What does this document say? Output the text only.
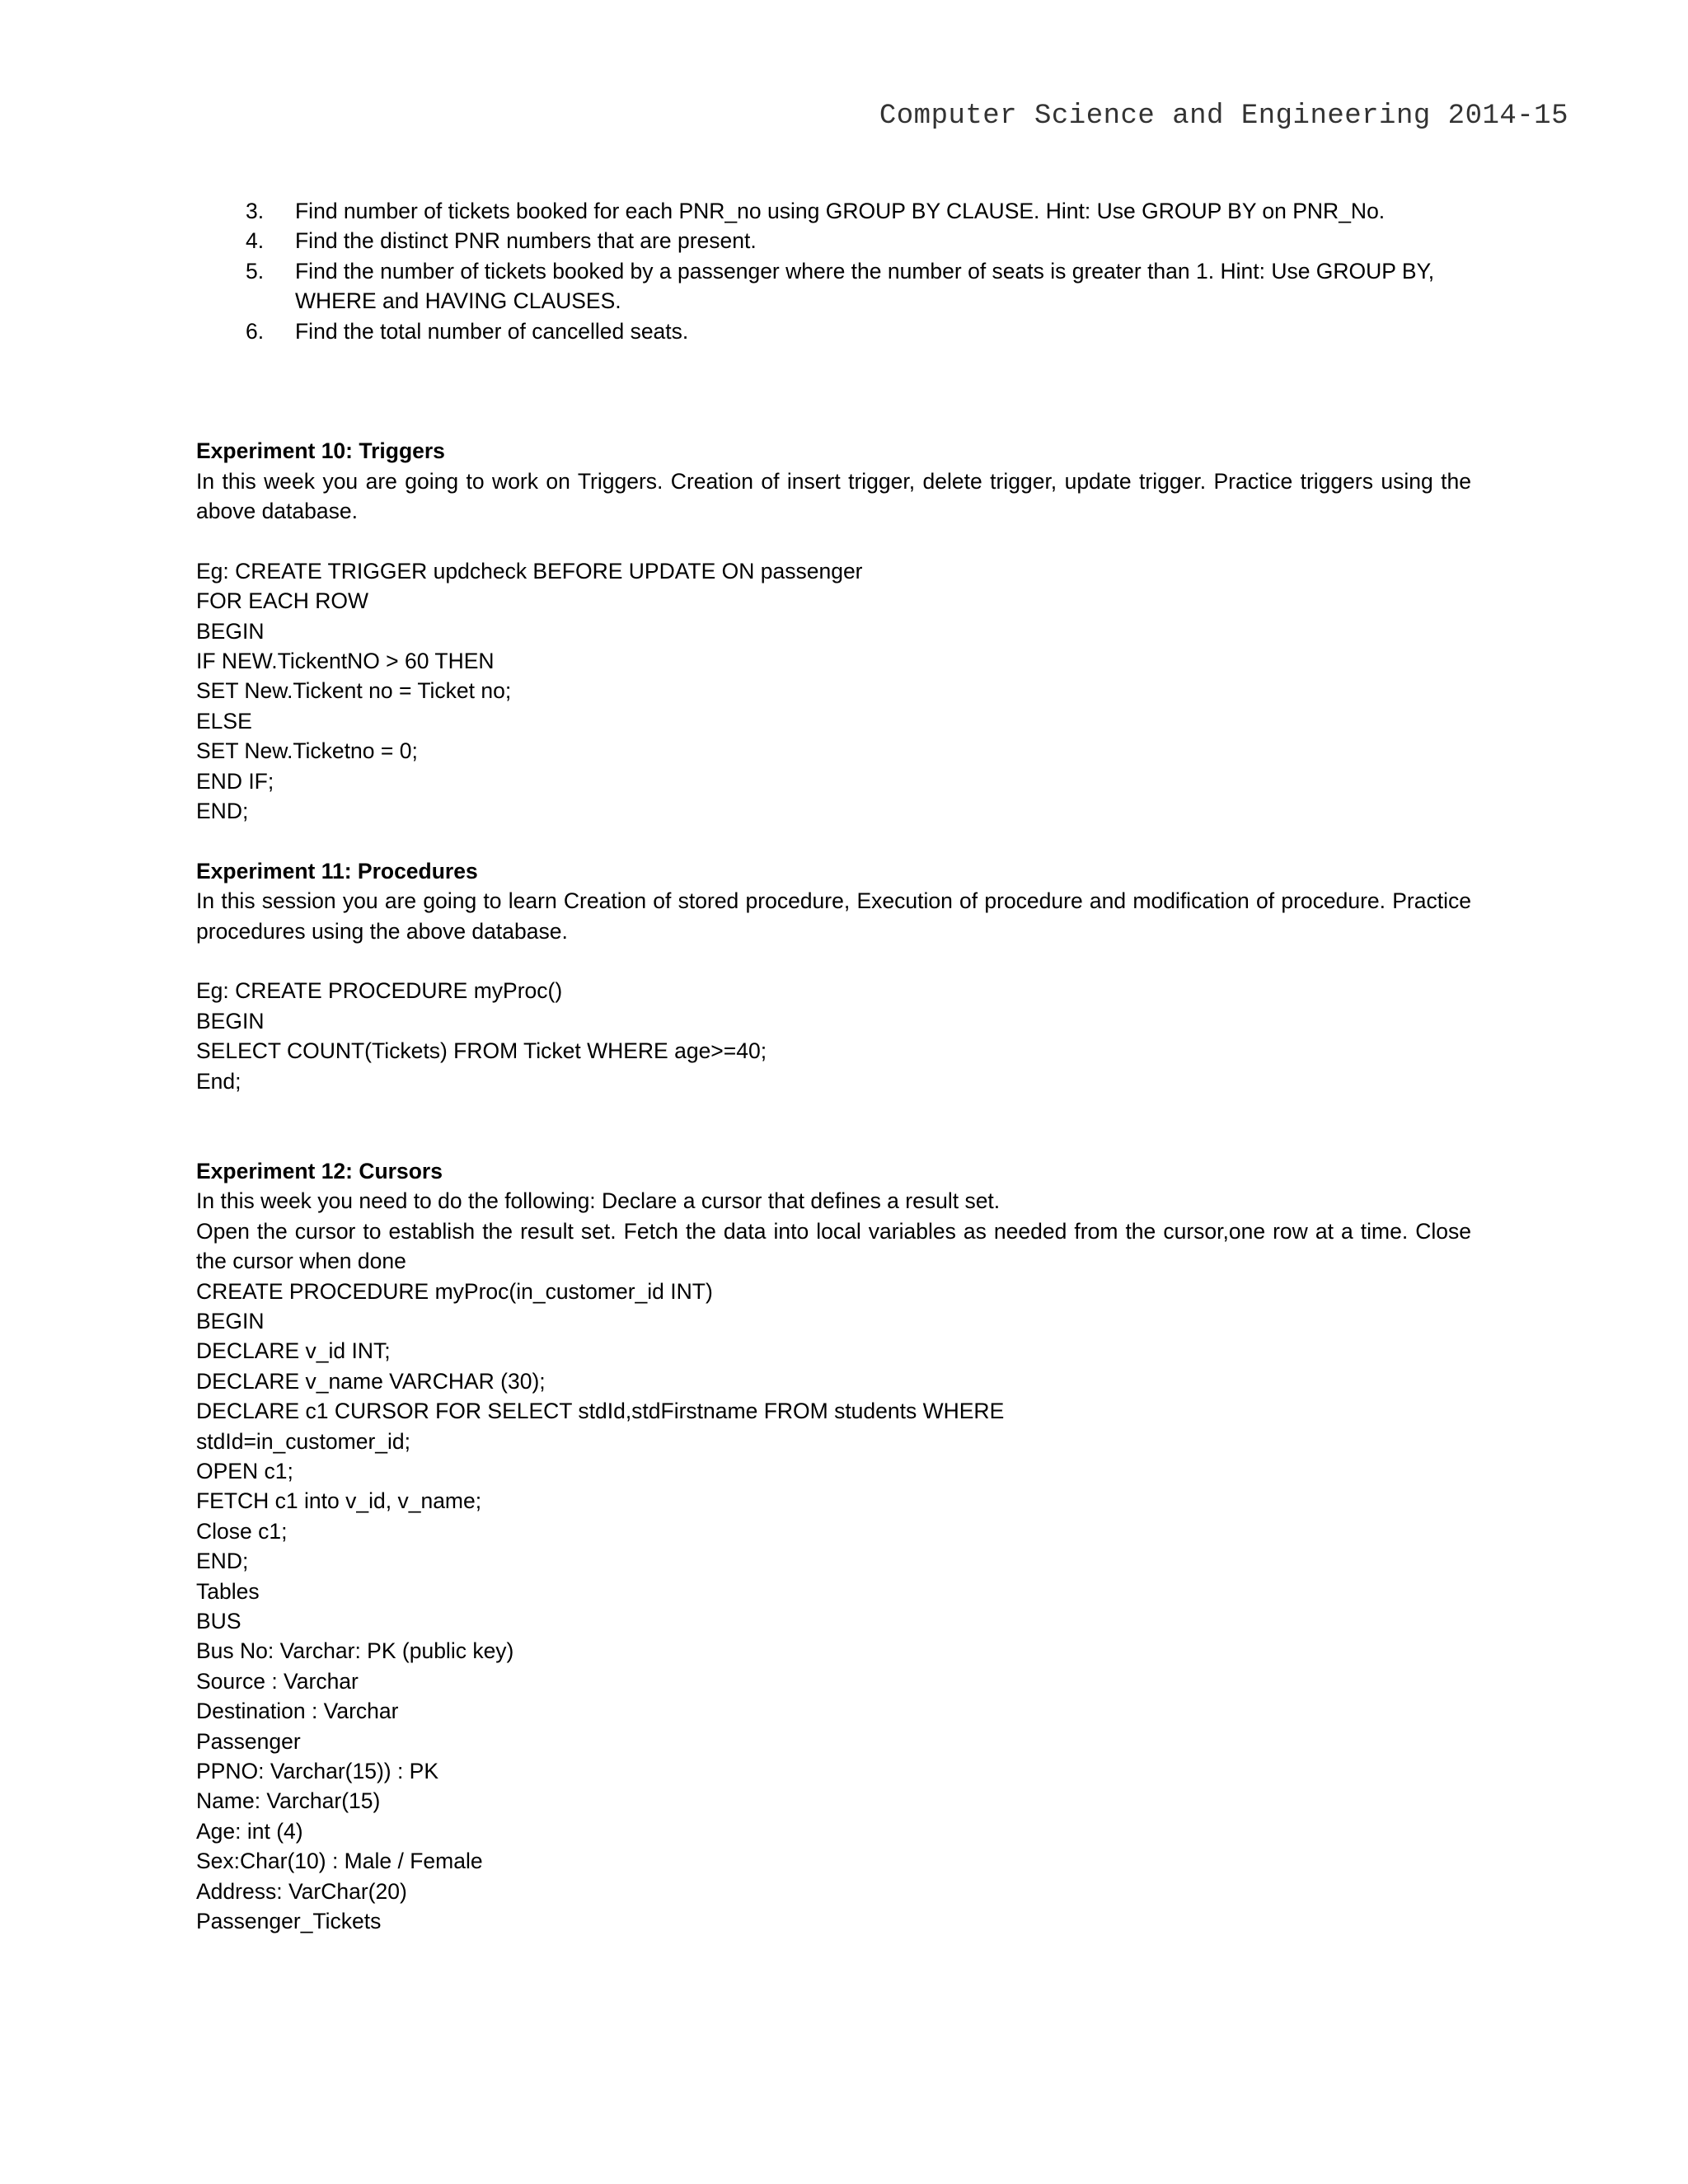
Computer Science and Engineering 2014-15
3.	Find number of tickets booked for each PNR_no using GROUP BY CLAUSE. Hint: Use GROUP BY on PNR_No.
4.	Find the distinct PNR numbers that are present.
5.	Find the number of tickets booked by a passenger where the number of seats is greater than 1. Hint: Use GROUP BY, WHERE and HAVING CLAUSES.
6.	Find the total number of cancelled seats.
Experiment 10: Triggers
In this week you are going to work on Triggers. Creation of insert trigger, delete trigger, update trigger. Practice triggers using the above database.
Eg: CREATE TRIGGER updcheck BEFORE UPDATE ON passenger
FOR EACH ROW
BEGIN
IF NEW.TickentNO > 60 THEN
SET New.Tickent no = Ticket no;
ELSE
SET New.Ticketno = 0;
END IF;
END;
Experiment 11: Procedures
In this session you are going to learn Creation of stored procedure, Execution of procedure and modification of procedure. Practice procedures using the above database.
Eg: CREATE PROCEDURE myProc()
BEGIN
SELECT COUNT(Tickets) FROM Ticket WHERE age>=40;
End;
Experiment 12: Cursors
In this week you need to do the following: Declare a cursor that defines a result set.
Open the cursor to establish the result set. Fetch the data into local variables as needed from the cursor,one row at a time. Close the cursor when done
CREATE PROCEDURE myProc(in_customer_id INT)
BEGIN
DECLARE v_id INT;
DECLARE v_name VARCHAR (30);
DECLARE c1 CURSOR FOR SELECT stdId,stdFirstname FROM students WHERE
stdId=in_customer_id;
OPEN c1;
FETCH c1 into v_id, v_name;
Close c1;
END;
Tables
BUS
Bus No: Varchar: PK (public key)
Source : Varchar
Destination : Varchar
Passenger
PPNO: Varchar(15)) : PK
Name: Varchar(15)
Age: int (4)
Sex:Char(10) : Male / Female
Address: VarChar(20)
Passenger_Tickets
